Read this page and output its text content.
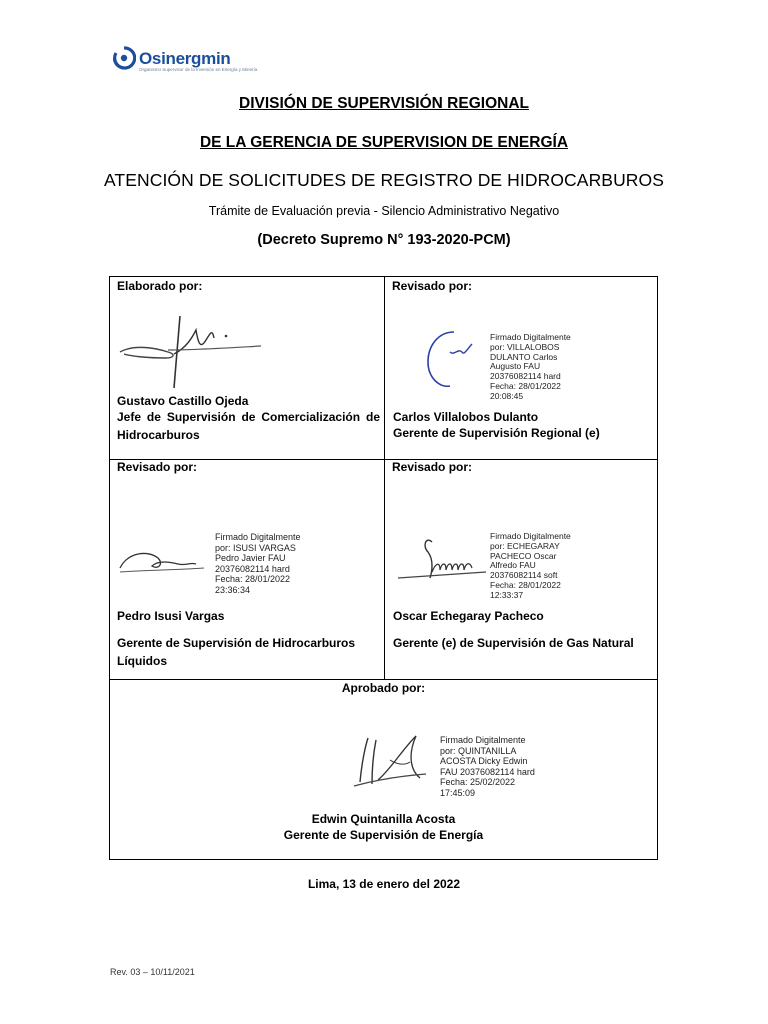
Osinergmin
Organismo Supervisor de la Inversión en Energía y Minería
DIVISIÓN DE SUPERVISIÓN REGIONAL
DE LA GERENCIA DE SUPERVISION DE ENERGÍA
ATENCIÓN DE SOLICITUDES DE REGISTRO DE HIDROCARBUROS
Trámite de Evaluación previa - Silencio Administrativo Negativo
(Decreto Supremo N° 193-2020-PCM)
Elaborado por:
Gustavo Castillo Ojeda
Jefe de Supervisión de Comercialización de Hidrocarburos
Revisado por:
Firmado Digitalmente
por: VILLALOBOS
DULANTO Carlos
Augusto FAU
20376082114 hard
Fecha: 28/01/2022
20:08:45
Carlos Villalobos Dulanto
Gerente de Supervisión Regional (e)
Revisado por:
Firmado Digitalmente
por: ISUSI VARGAS
Pedro Javier FAU
20376082114 hard
Fecha: 28/01/2022
23:36:34
Pedro Isusi Vargas
Gerente de Supervisión de Hidrocarburos Líquidos
Revisado por:
Firmado Digitalmente
por: ECHEGARAY
PACHECO Oscar
Alfredo FAU
20376082114 soft
Fecha: 28/01/2022
12:33:37
Oscar Echegaray Pacheco
Gerente (e) de Supervisión de Gas Natural
Aprobado por:
Firmado Digitalmente
por: QUINTANILLA
ACOSTA Dicky Edwin
FAU 20376082114 hard
Fecha: 25/02/2022
17:45:09
Edwin Quintanilla Acosta
Gerente de Supervisión de Energía
Lima, 13 de enero del 2022
Rev. 03 – 10/11/2021
